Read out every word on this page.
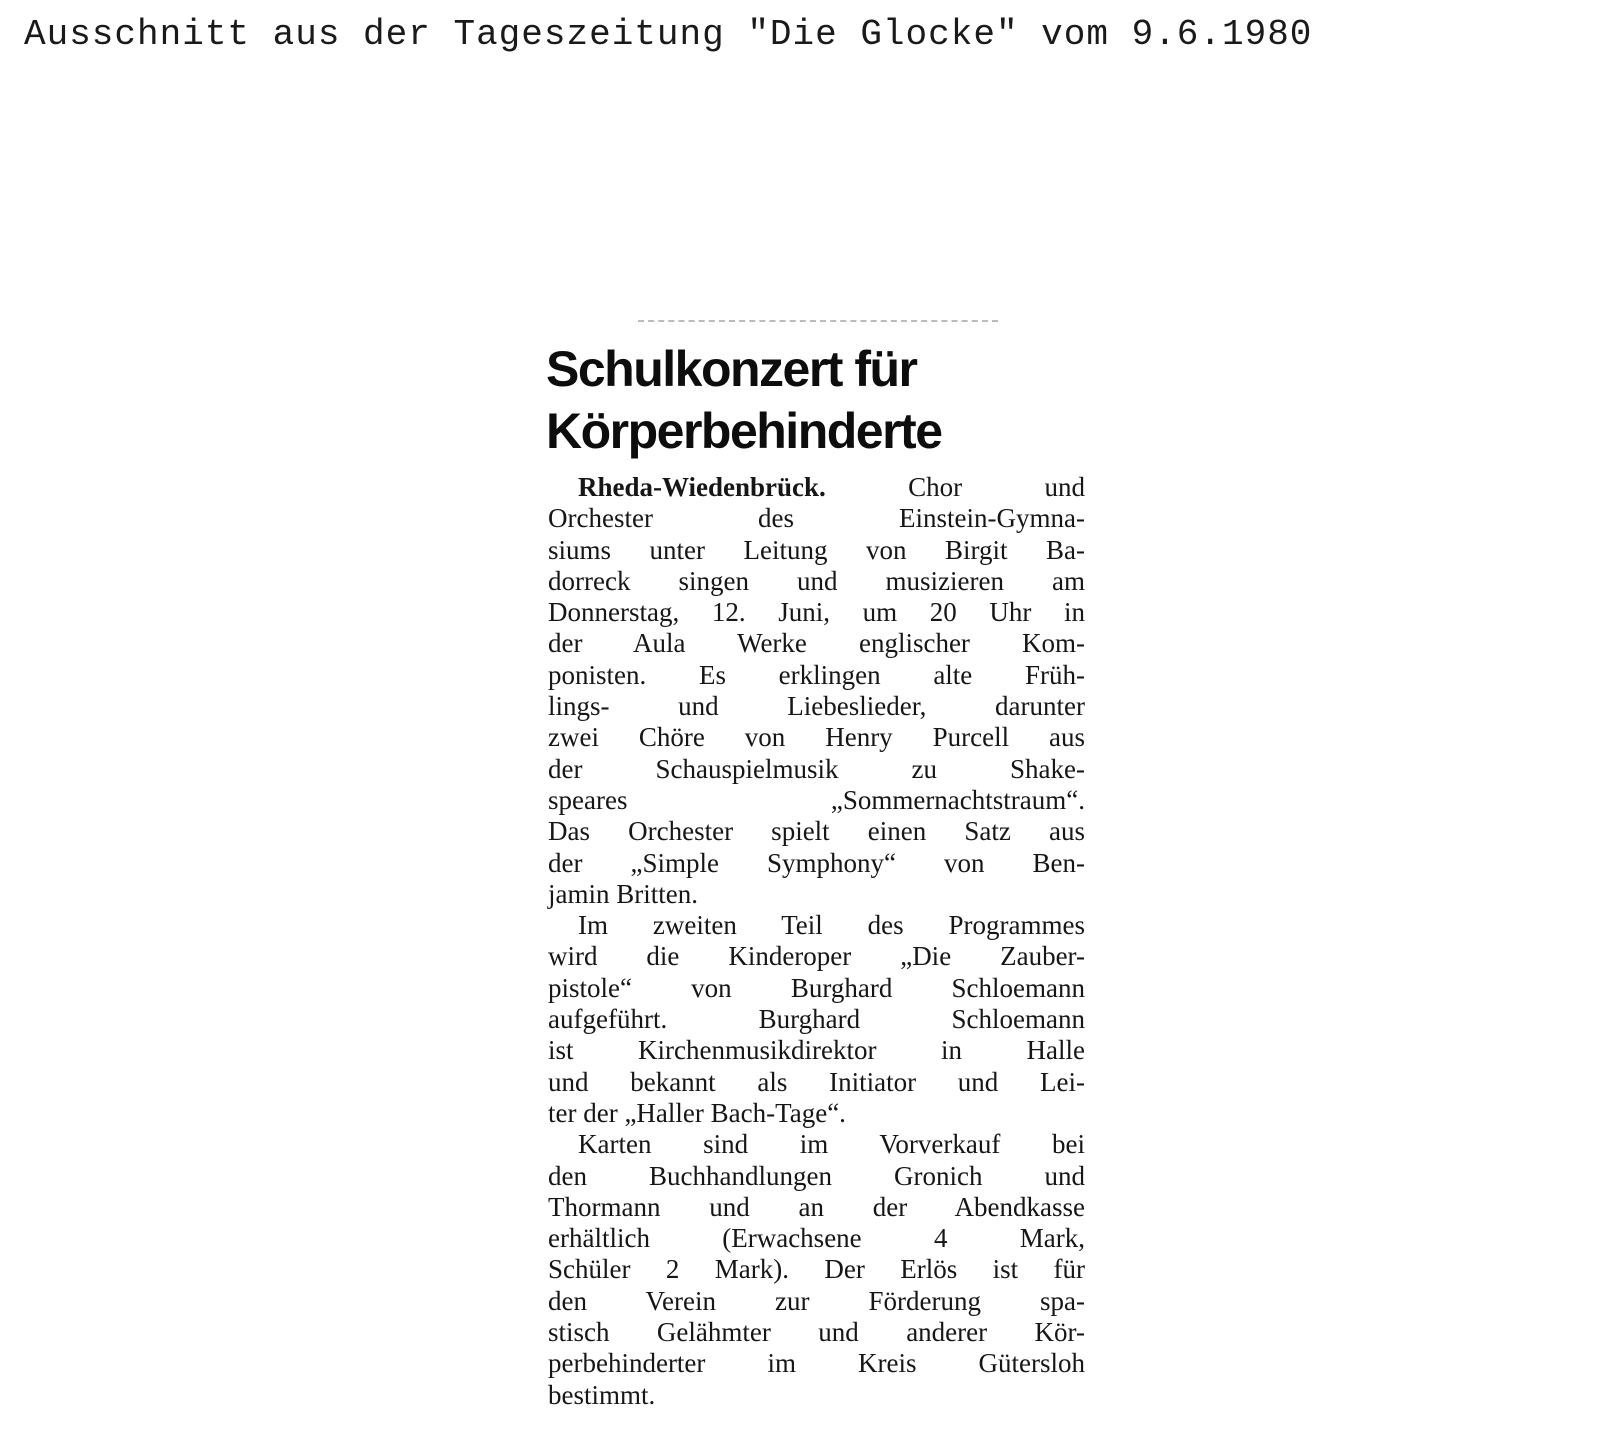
Ausschnitt aus der Tageszeitung "Die Glocke" vom 9.6.1980
Schulkonzert für
Körperbehinderte
Rheda-Wiedenbrück.	Chor und
Orchester des Einstein-Gymna-
siums unter Leitung von Birgit Ba-
dorreck singen und musizieren am
Donnerstag, 12. Juni, um 20 Uhr in
der Aula Werke englischer Kom-
ponisten. Es erklingen alte Früh-
lings- und Liebeslieder, darunter
zwei Chöre von Henry Purcell aus
der Schauspielmusik zu Shake-
speares „Sommernachtstraum“.
Das Orchester spielt einen Satz aus
der „Simple Symphony“ von Ben-
jamin Britten.
Im zweiten Teil des Programmes
wird die Kinderoper „Die Zauber-
pistole“ von Burghard Schloemann
aufgeführt. Burghard Schloemann
ist Kirchenmusikdirektor in Halle
und bekannt als Initiator und Lei-
ter der „Haller Bach-Tage“.
Karten sind im Vorverkauf bei
den Buchhandlungen Gronich und
Thormann und an der Abendkasse
erhältlich (Erwachsene 4 Mark,
Schüler 2 Mark). Der Erlös ist für
den Verein zur Förderung spa-
stisch Gelähmter und anderer Kör-
perbehinderter im Kreis Gütersloh
bestimmt.
